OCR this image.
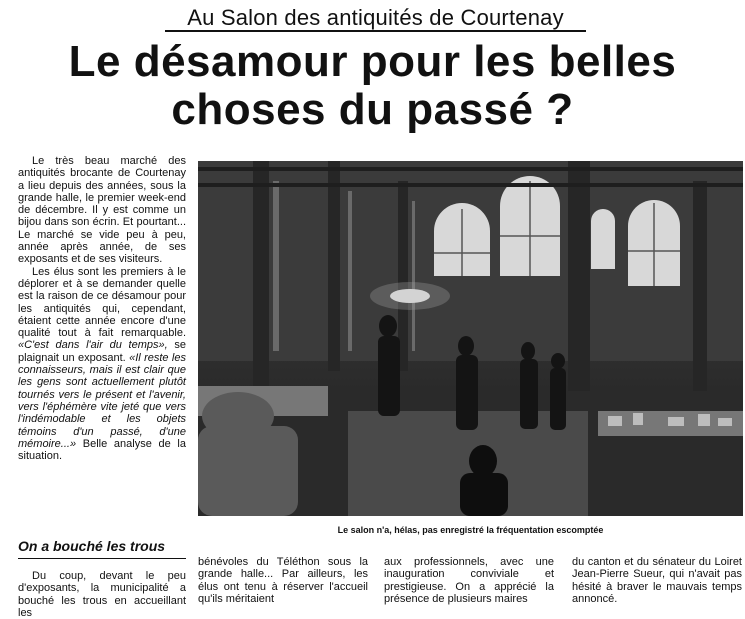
Au Salon des antiquités de Courtenay
Le désamour pour les belles
choses du passé ?

Le très beau marché des antiquités brocante de Courtenay a lieu depuis des années, sous la grande halle, le premier week-end de décembre. Il y est comme un bijou dans son écrin. Et pourtant... Le marché se vide peu à peu, année après année, de ses exposants et de ses visiteurs.

Les élus sont les premiers à le déplorer et à se demander quelle est la raison de ce désamour pour les antiquités qui, cependant, étaient cette année encore d'une qualité tout à fait remarquable. «C'est dans l'air du temps», se plaignait un exposant. «Il reste les connaisseurs, mais il est clair que les gens sont actuellement plutôt tournés vers le présent et l'avenir, vers l'éphémère vite jeté que vers l'indémodable et les objets témoins d'un passé, d'une mémoire...» Belle analyse de la situation.

Le salon n'a, hélas, pas enregistré la fréquentation escomptée

On a bouché les trous

Du coup, devant le peu d'exposants, la municipalité a bouché les trous en accueillant les

bénévoles du Téléthon sous la grande halle... Par ailleurs, les élus ont tenu à réserver l'accueil qu'ils méritaient

aux professionnels, avec une inauguration conviviale et prestigieuse. On a apprécié la présence de plusieurs maires

du canton et du sénateur du Loiret Jean-Pierre Sueur, qui n'avait pas hésité à braver le mauvais temps annoncé.
